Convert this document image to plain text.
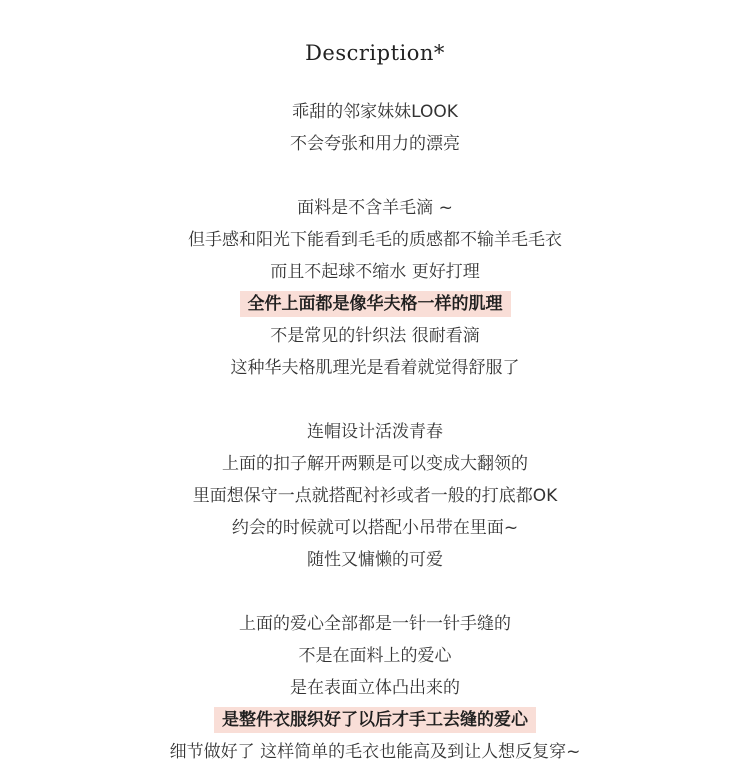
Description*
乖甜的邻家妹妹LOOK
不会夸张和用力的漂亮
面料是不含羊毛滴 ~
但手感和阳光下能看到毛毛的质感都不输羊毛毛衣
而且不起球不缩水 更好打理
全件上面都是像华夫格一样的肌理
不是常见的针织法 很耐看滴
这种华夫格肌理光是看着就觉得舒服了
连帽设计活泼青春
上面的扣子解开两颗是可以变成大翻领的
里面想保守一点就搭配衬衫或者一般的打底都OK
约会的时候就可以搭配小吊带在里面~
随性又慵懒的可爱
上面的爱心全部都是一针一针手缝的
不是在面料上的爱心
是在表面立体凸出来的
是整件衣服织好了以后才手工去缝的爱心
细节做好了 这样简单的毛衣也能高及到让人想反复穿~
